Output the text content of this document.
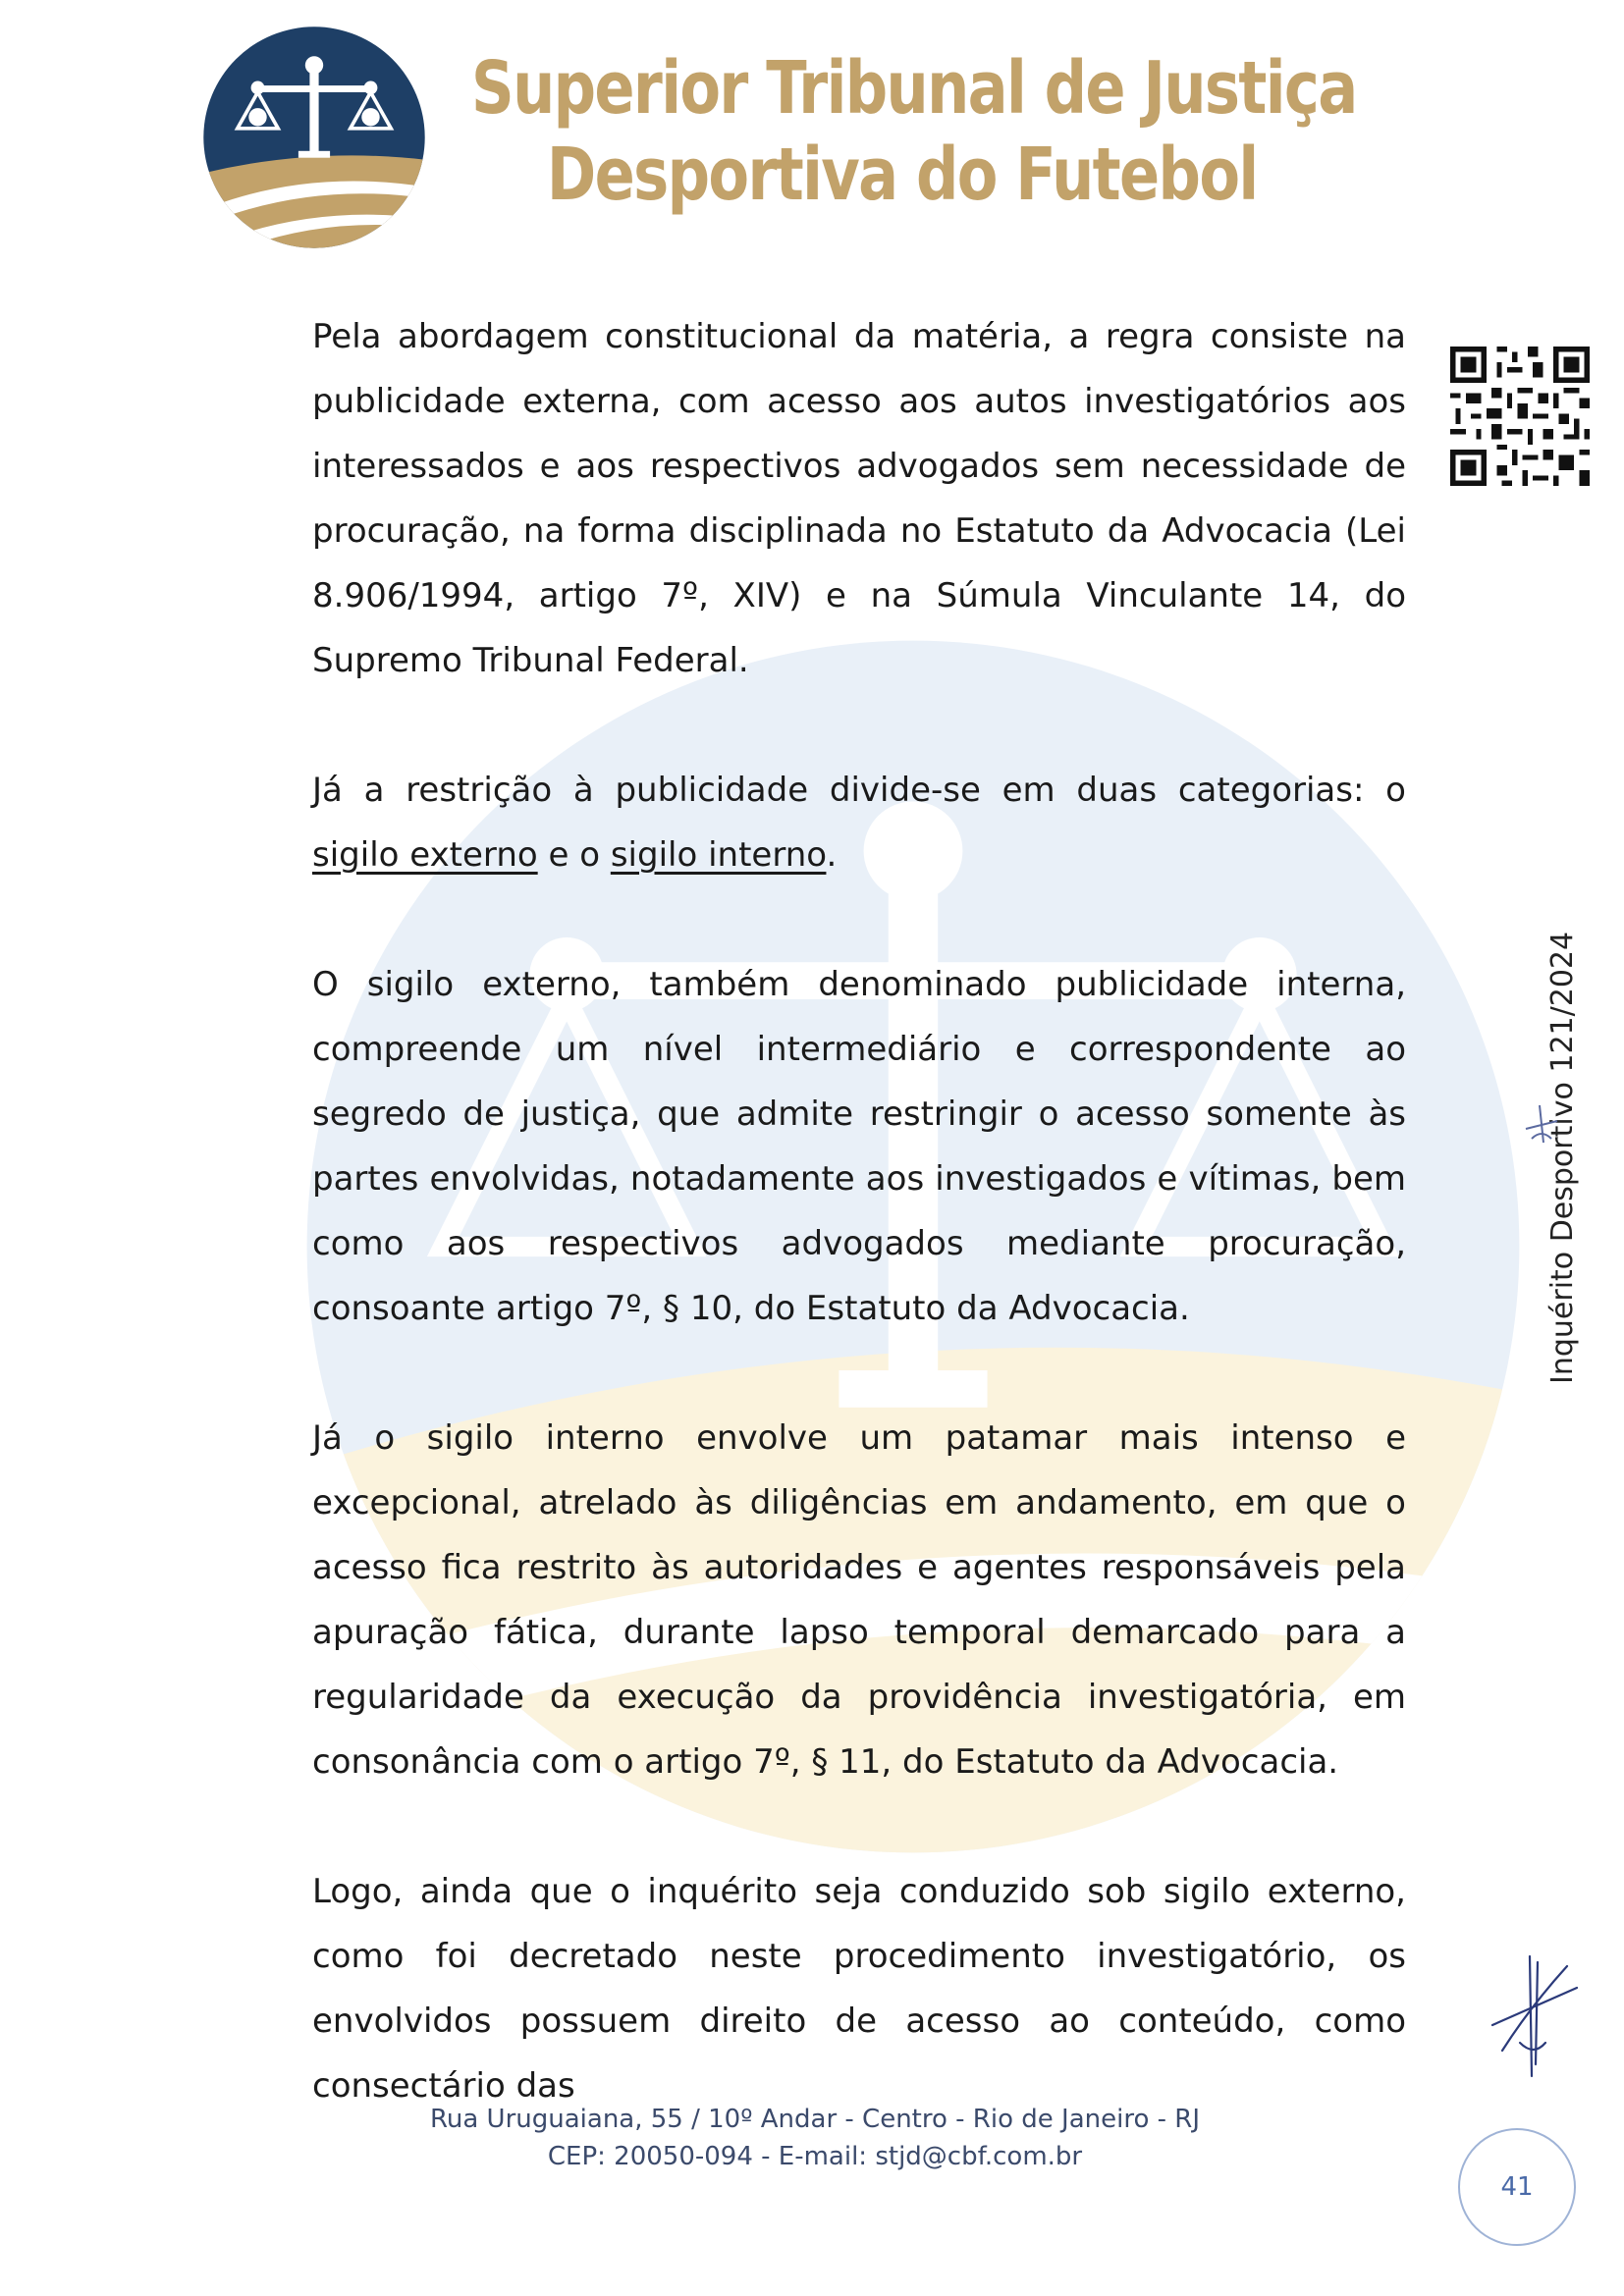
Superior Tribunal de Justiça
Desportiva do Futebol

Pela abordagem constitucional da matéria, a regra consiste na publicidade externa, com acesso aos autos investigatórios aos interessados e aos respectivos advogados sem necessidade de procuração, na forma disciplinada no Estatuto da Advocacia (Lei 8.906/1994, artigo 7º, XIV) e na Súmula Vinculante 14, do Supremo Tribunal Federal.

Já a restrição à publicidade divide-se em duas categorias: o sigilo externo e o sigilo interno.

O sigilo externo, também denominado publicidade interna, compreende um nível intermediário e correspondente ao segredo de justiça, que admite restringir o acesso somente às partes envolvidas, notadamente aos investigados e vítimas, bem como aos respectivos advogados mediante procuração, consoante artigo 7º, § 10, do Estatuto da Advocacia.

Já o sigilo interno envolve um patamar mais intenso e excepcional, atrelado às diligências em andamento, em que o acesso fica restrito às autoridades e agentes responsáveis pela apuração fática, durante lapso temporal demarcado para a regularidade da execução da providência investigatória, em consonância com o artigo 7º, § 11, do Estatuto da Advocacia.

Logo, ainda que o inquérito seja conduzido sob sigilo externo, como foi decretado neste procedimento investigatório, os envolvidos possuem direito de acesso ao conteúdo, como consectário das

Inquérito Desportivo 121/2024
Rua Uruguaiana, 55 / 10º Andar - Centro - Rio de Janeiro - RJ
CEP: 20050-094 - E-mail: stjd@cbf.com.br
41
